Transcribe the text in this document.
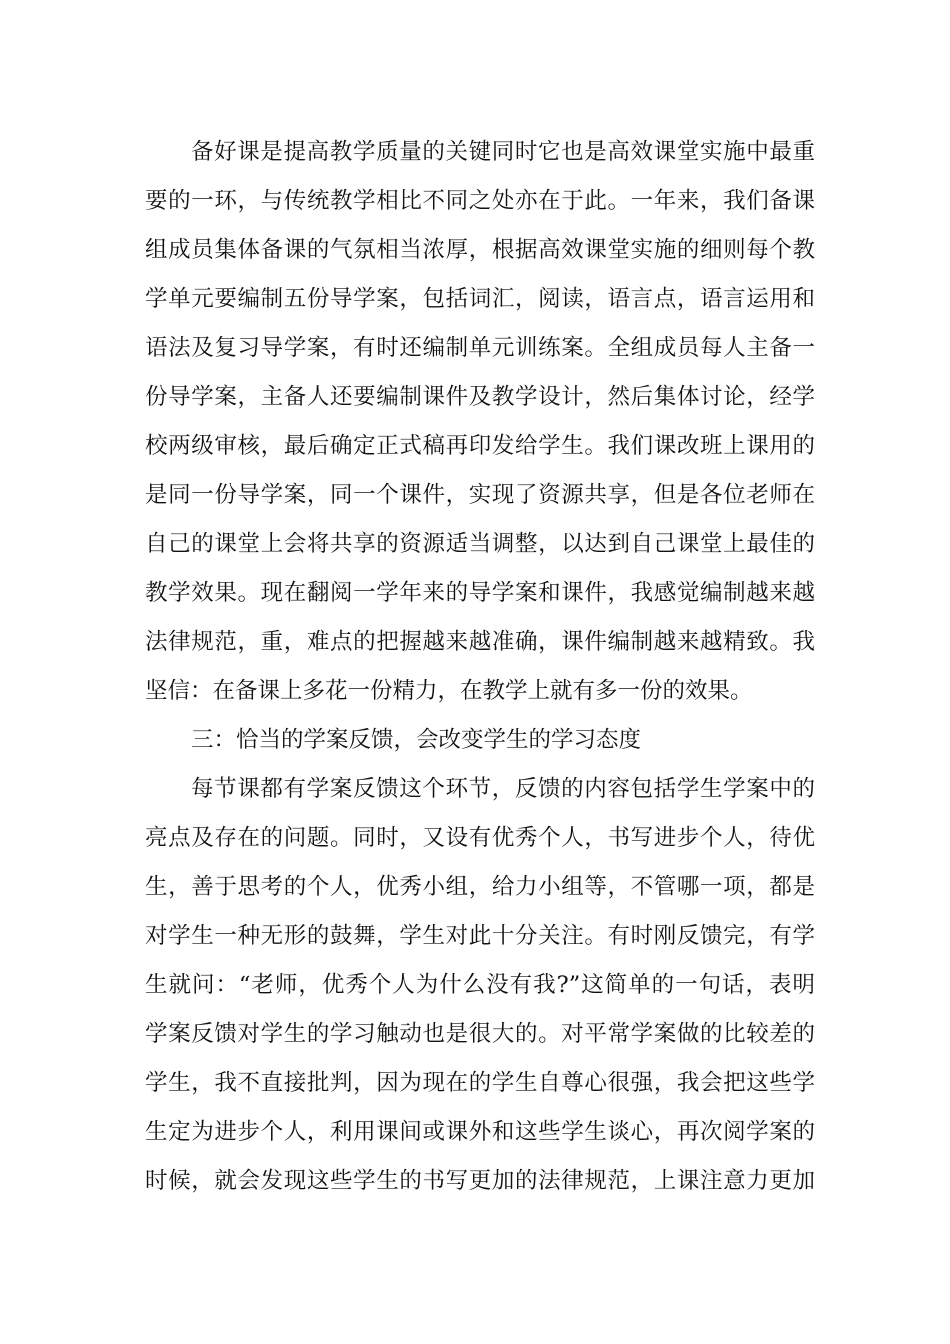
备好课是提高教学质量的关键同时它也是高效课堂实施中最重
要的一环，与传统教学相比不同之处亦在于此。一年来，我们备课
组成员集体备课的气氛相当浓厚，根据高效课堂实施的细则每个教
学单元要编制五份导学案，包括词汇，阅读，语言点，语言运用和
语法及复习导学案，有时还编制单元训练案。全组成员每人主备一
份导学案，主备人还要编制课件及教学设计，然后集体讨论，经学
校两级审核，最后确定正式稿再印发给学生。我们课改班上课用的
是同一份导学案，同一个课件，实现了资源共享，但是各位老师在
自己的课堂上会将共享的资源适当调整，以达到自己课堂上最佳的
教学效果。现在翻阅一学年来的导学案和课件，我感觉编制越来越
法律规范，重，难点的把握越来越准确，课件编制越来越精致。我
坚信：在备课上多花一份精力，在教学上就有多一份的效果。
三：恰当的学案反馈，会改变学生的学习态度
每节课都有学案反馈这个环节，反馈的内容包括学生学案中的
亮点及存在的问题。同时，又设有优秀个人，书写进步个人，待优
生，善于思考的个人，优秀小组，给力小组等，不管哪一项，都是
对学生一种无形的鼓舞，学生对此十分关注。有时刚反馈完，有学
生就问：“老师，优秀个人为什么没有我?”这简单的一句话，表明
学案反馈对学生的学习触动也是很大的。对平常学案做的比较差的
学生，我不直接批判，因为现在的学生自尊心很强，我会把这些学
生定为进步个人，利用课间或课外和这些学生谈心，再次阅学案的
时候，就会发现这些学生的书写更加的法律规范，上课注意力更加
